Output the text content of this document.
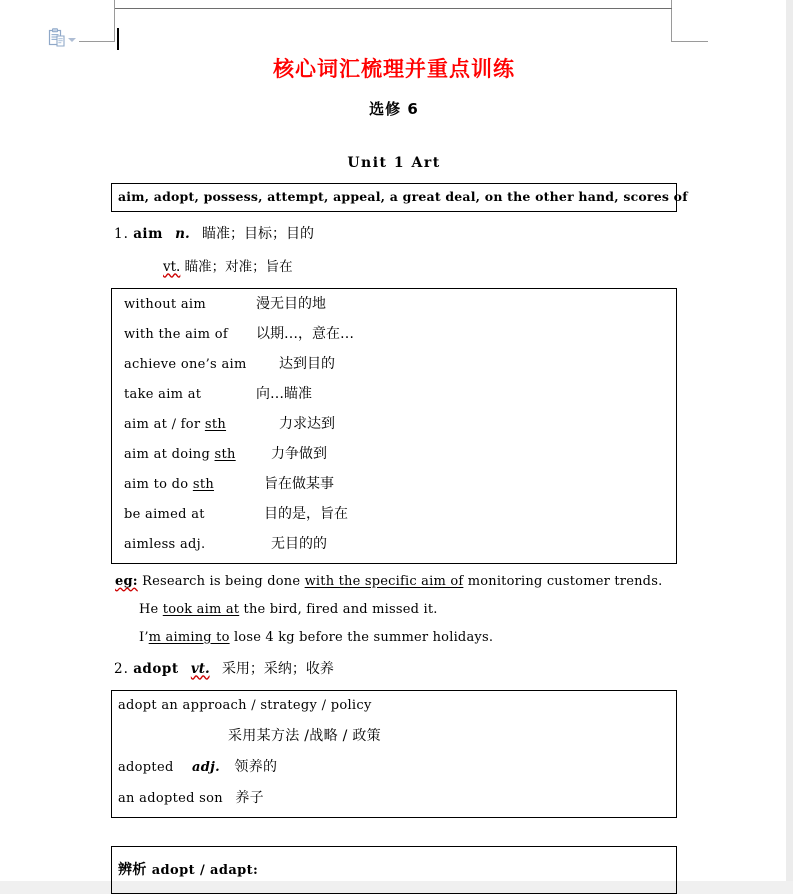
核心词汇梳理并重点训练
选修 6
Unit 1 Art
aim, adopt, possess, attempt, appeal, a great deal, on the other hand, scores of
1. aim n. 瞄准；目标；目的
vt. 瞄准；对准；旨在
without aim	漫无目的地
with the aim of	以期…，意在…
achieve one’s aim	达到目的
take aim at	向…瞄准
aim at / for sth	力求达到
aim at doing sth	力争做到
aim to do sth	旨在做某事
be aimed at	目的是，旨在
aimless adj.	无目的的
eg: Research is being done with the specific aim of monitoring customer trends.
He took aim at the bird, fired and missed it.
I’m aiming to lose 4 kg before the summer holidays.
2. adopt vt. 采用；采纳；收养
adopt an approach / strategy / policy
采用某方法 /战略 / 政策
adopted adj. 领养的
an adopted son 养子
辨析 adopt / adapt:
